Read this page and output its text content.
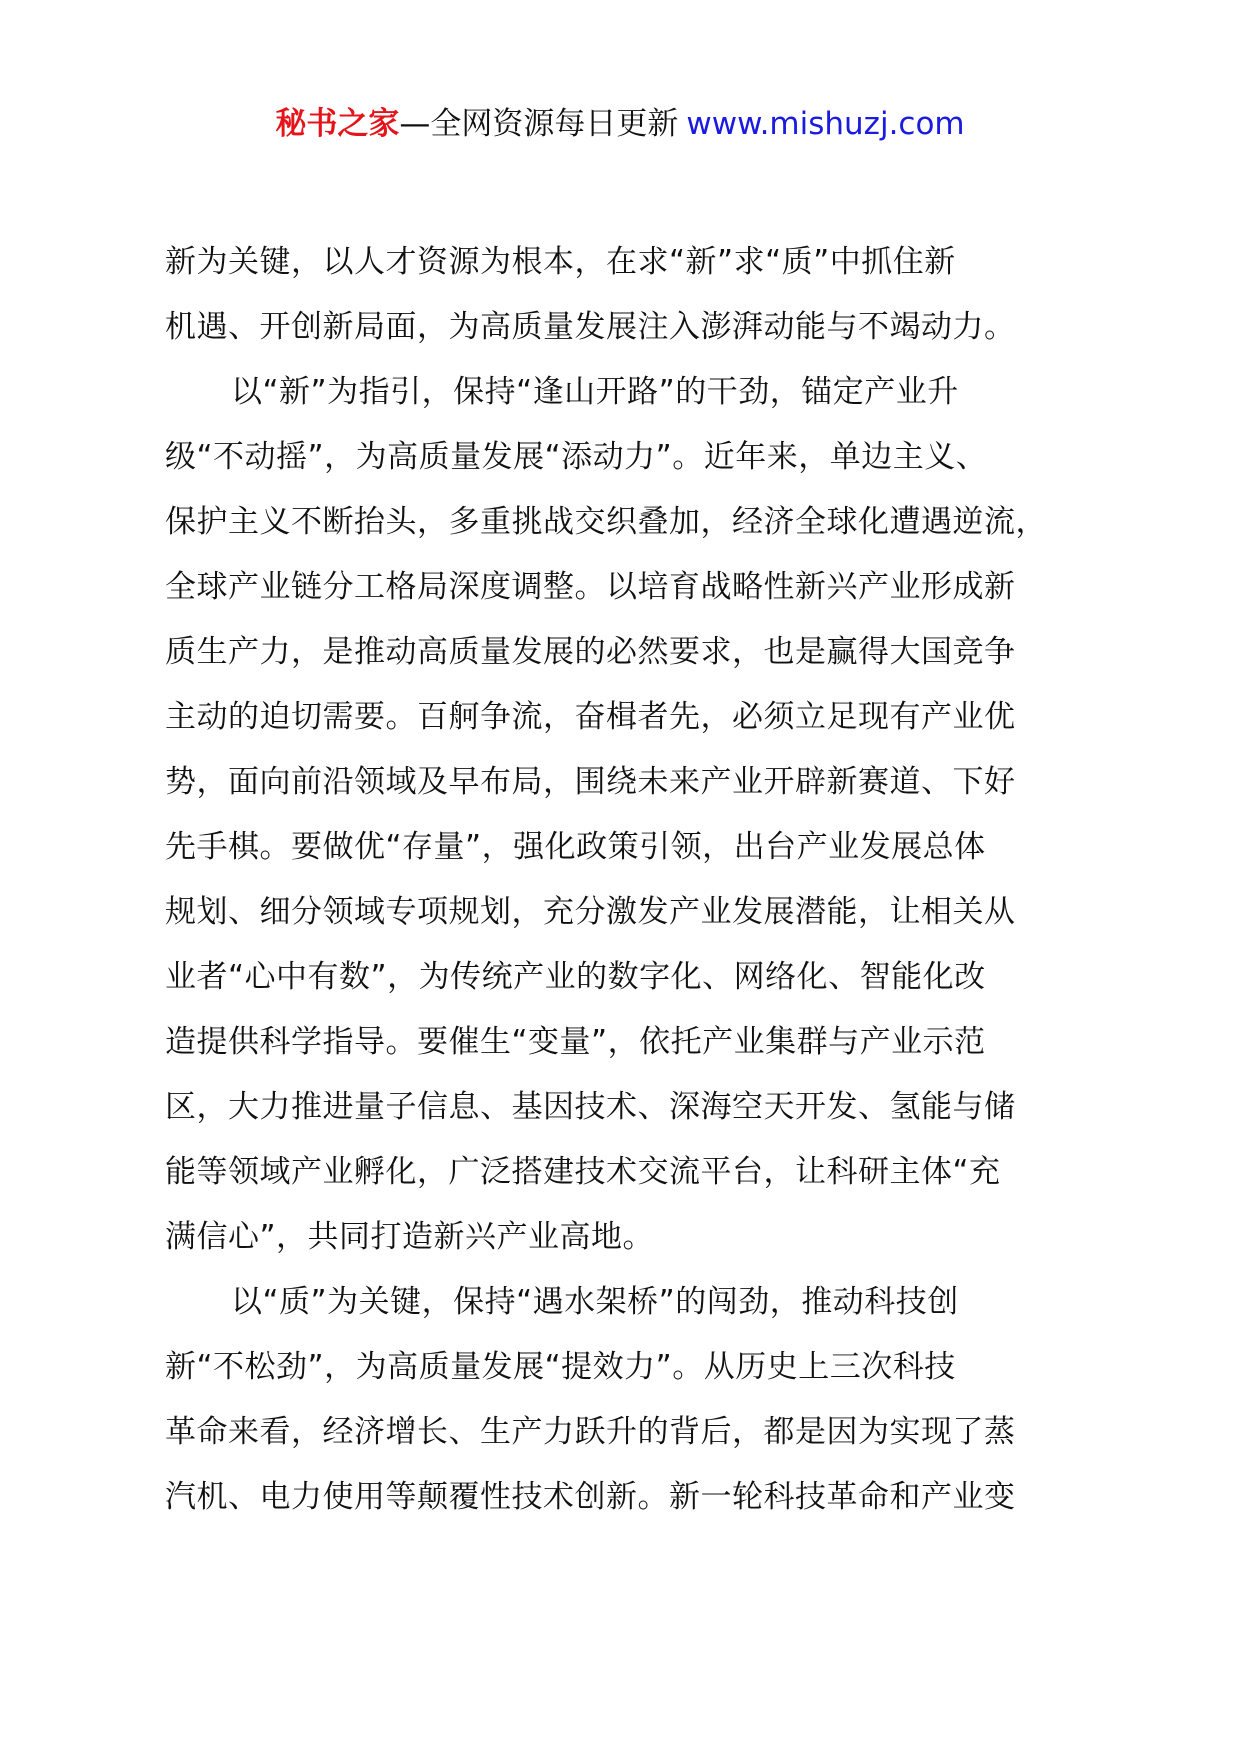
秘书之家—全网资源每日更新 www.mishuzj.com
新为关键，以人才资源为根本，在求“新”求“质”中抓住新
机遇、开创新局面，为高质量发展注入澎湃动能与不竭动力。
以“新”为指引，保持“逢山开路”的干劲，锚定产业升
级“不动摇”，为高质量发展“添动力”。近年来，单边主义、
保护主义不断抬头，多重挑战交织叠加，经济全球化遭遇逆流，
全球产业链分工格局深度调整。以培育战略性新兴产业形成新
质生产力，是推动高质量发展的必然要求，也是赢得大国竞争
主动的迫切需要。百舸争流，奋楫者先，必须立足现有产业优
势，面向前沿领域及早布局，围绕未来产业开辟新赛道、下好
先手棋。要做优“存量”，强化政策引领，出台产业发展总体
规划、细分领域专项规划，充分激发产业发展潜能，让相关从
业者“心中有数”，为传统产业的数字化、网络化、智能化改
造提供科学指导。要催生“变量”，依托产业集群与产业示范
区，大力推进量子信息、基因技术、深海空天开发、氢能与储
能等领域产业孵化，广泛搭建技术交流平台，让科研主体“充
满信心”，共同打造新兴产业高地。
以“质”为关键，保持“遇水架桥”的闯劲，推动科技创
新“不松劲”，为高质量发展“提效力”。从历史上三次科技
革命来看，经济增长、生产力跃升的背后，都是因为实现了蒸
汽机、电力使用等颠覆性技术创新。新一轮科技革命和产业变
